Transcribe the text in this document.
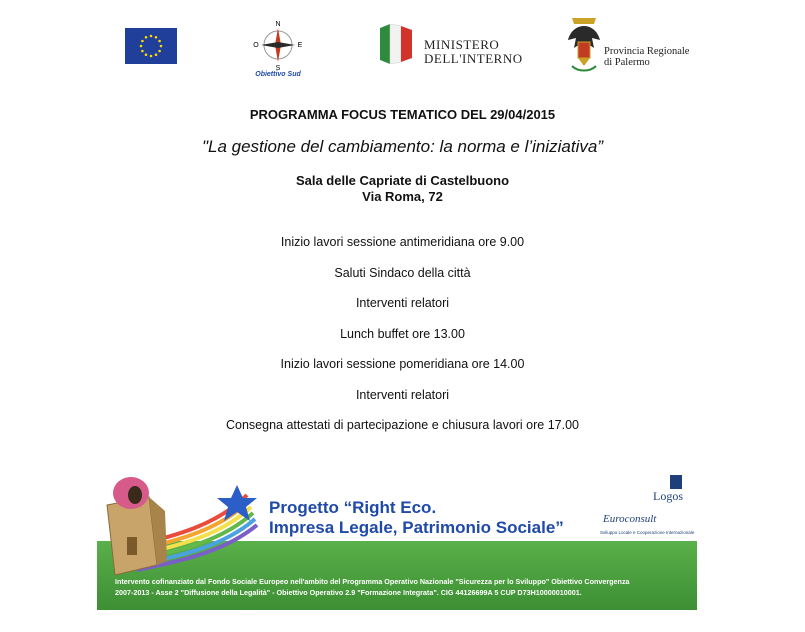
N
O	E
S
Obiettivo Sud
MINISTERO
DELL'INTERNO	Provincia Regionale
di Palermo
PROGRAMMA FOCUS TEMATICO DEL 29/04/2015
"La gestione del cambiamento: la norma e l’iniziativa”
Sala delle Capriate di Castelbuono
Via Roma, 72
Inizio lavori sessione antimeridiana ore 9.00
Saluti Sindaco della città
Interventi relatori
Lunch buffet ore 13.00
Inizio lavori sessione pomeridiana ore 14.00
Interventi relatori
Consegna attestati di partecipazione e chiusura lavori ore 17.00
Progetto “Right Eco.
Impresa Legale, Patrimonio Sociale”
Logos
Euroconsult
Sviluppo Locale e Cooperazione Internazionale
Intervento cofinanziato dal Fondo Sociale Europeo nell'ambito del Programma Operativo Nazionale "Sicurezza per lo Sviluppo" Obiettivo Convergenza
2007-2013 - Asse 2 "Diffusione della Legalità" - Obiettivo Operativo 2.9 "Formazione Integrata". CIG 44126699A 5 CUP D73H10000010001.
